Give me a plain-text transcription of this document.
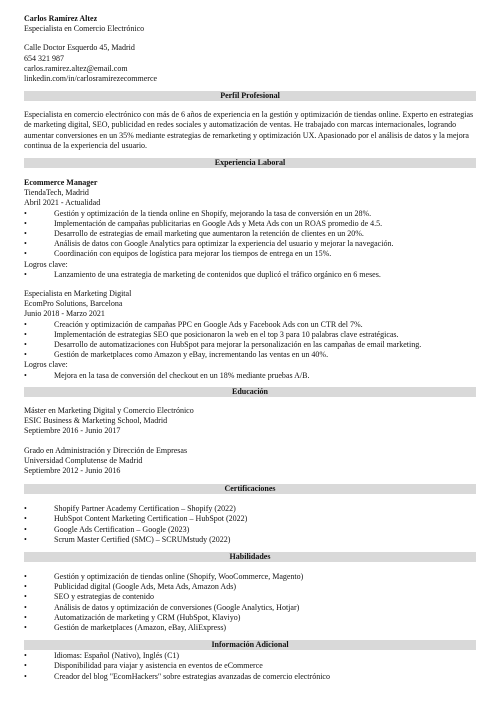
Carlos Ramírez Altez
Especialista en Comercio Electrónico
Calle Doctor Esquerdo 45, Madrid
654 321 987
carlos.ramirez.altez@email.com
linkedin.com/in/carlosramirezecommerce
Perfil Profesional

Especialista en comercio electrónico con más de 6 años de experiencia en la gestión y optimización de tiendas online. Experto en estrategias de marketing digital, SEO, publicidad en redes sociales y automatización de ventas. He trabajado con marcas internacionales, logrando aumentar conversiones en un 35% mediante estrategias de remarketing y optimización UX. Apasionado por el análisis de datos y la mejora continua de la experiencia del usuario.

Experiencia Laboral
Ecommerce Manager
TiendaTech, Madrid
Abril 2021 - Actualidad
•	Gestión y optimización de la tienda online en Shopify, mejorando la tasa de conversión en un 28%.
•	Implementación de campañas publicitarias en Google Ads y Meta Ads con un ROAS promedio de 4.5.
•	Desarrollo de estrategias de email marketing que aumentaron la retención de clientes en un 20%.
•	Análisis de datos con Google Analytics para optimizar la experiencia del usuario y mejorar la navegación.
•	Coordinación con equipos de logística para mejorar los tiempos de entrega en un 15%.
Logros clave:
•	Lanzamiento de una estrategia de marketing de contenidos que duplicó el tráfico orgánico en 6 meses.
Especialista en Marketing Digital
EcomPro Solutions, Barcelona
Junio 2018 - Marzo 2021
•	Creación y optimización de campañas PPC en Google Ads y Facebook Ads con un CTR del 7%.
•	Implementación de estrategias SEO que posicionaron la web en el top 3 para 10 palabras clave estratégicas.
•	Desarrollo de automatizaciones con HubSpot para mejorar la personalización en las campañas de email marketing.
•	Gestión de marketplaces como Amazon y eBay, incrementando las ventas en un 40%.
Logros clave:
•	Mejora en la tasa de conversión del checkout en un 18% mediante pruebas A/B.
Educación
Máster en Marketing Digital y Comercio Electrónico
ESIC Business & Marketing School, Madrid
Septiembre 2016 - Junio 2017
Grado en Administración y Dirección de Empresas
Universidad Complutense de Madrid
Septiembre 2012 - Junio 2016
Certificaciones
•	Shopify Partner Academy Certification – Shopify (2022)
•	HubSpot Content Marketing Certification – HubSpot (2022)
•	Google Ads Certification – Google (2023)
•	Scrum Master Certified (SMC) – SCRUMstudy (2022)
Habilidades
•	Gestión y optimización de tiendas online (Shopify, WooCommerce, Magento)
•	Publicidad digital (Google Ads, Meta Ads, Amazon Ads)
•	SEO y estrategias de contenido
•	Análisis de datos y optimización de conversiones (Google Analytics, Hotjar)
•	Automatización de marketing y CRM (HubSpot, Klaviyo)
•	Gestión de marketplaces (Amazon, eBay, AliExpress)
Información Adicional
•	Idiomas: Español (Nativo), Inglés (C1)
•	Disponibilidad para viajar y asistencia en eventos de eCommerce
•	Creador del blog "EcomHackers" sobre estrategias avanzadas de comercio electrónico
